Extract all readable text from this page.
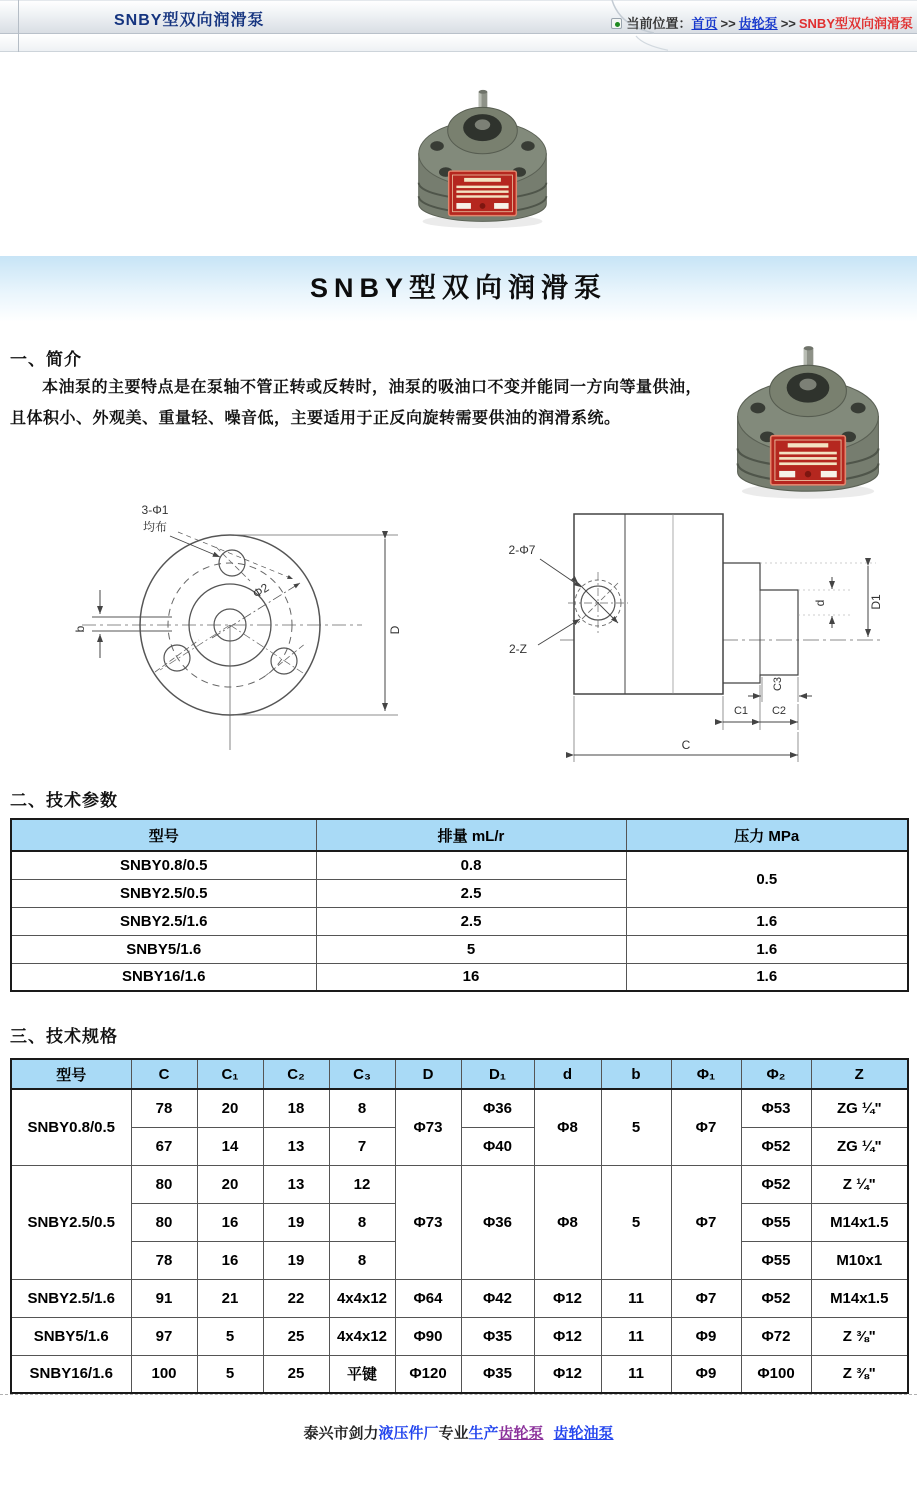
SNBY型双向润滑泵	当前位置：首页 >> 齿轮泵 >> SNBY型双向润滑泵
SNBY型双向润滑泵
一、简介
本油泵的主要特点是在泵轴不管正转或反转时，油泵的吸油口不变并能同一方向等量供油，且体积小、外观美、重量轻、噪音低，主要适用于正反向旋转需要供油的润滑系统。
b
3-Φ1
均布
Φ2
D
2-Φ7
2-Z
D1
d
C3
C1 C2
C
二、技术参数
型号	排量 mL/r	压力 MPa
SNBY0.8/0.5	0.8	0.5
SNBY2.5/0.5	2.5	
SNBY2.5/1.6	2.5	1.6
SNBY5/1.6	5	1.6
SNBY16/1.6	16	1.6
三、技术规格
型号	C	C₁	C₂	C₃	D	D₁	d	b	Φ₁	Φ₂	Z
SNBY0.8/0.5	78	20	18	8	Φ73	Φ36	Φ8	5	Φ7	Φ53	ZG ¼"
	67	14	13	7		Φ40				Φ52	ZG ¼"
SNBY2.5/0.5	80	20	13	12	Φ73	Φ36	Φ8	5	Φ7	Φ52	Z ¼"
	80	16	19	8						Φ55	M14x1.5
	78	16	19	8						Φ55	M10x1
SNBY2.5/1.6	91	21	22	4x4x12	Φ64	Φ42	Φ12	11	Φ7	Φ52	M14x1.5
SNBY5/1.6	97	5	25	4x4x12	Φ90	Φ35	Φ12	11	Φ9	Φ72	Z ⅜"
SNBY16/1.6	100	5	25	平键	Φ120	Φ35	Φ12	11	Φ9	Φ100	Z ⅜"
泰兴市剑力液压件厂专业生产齿轮泵 齿轮油泵
